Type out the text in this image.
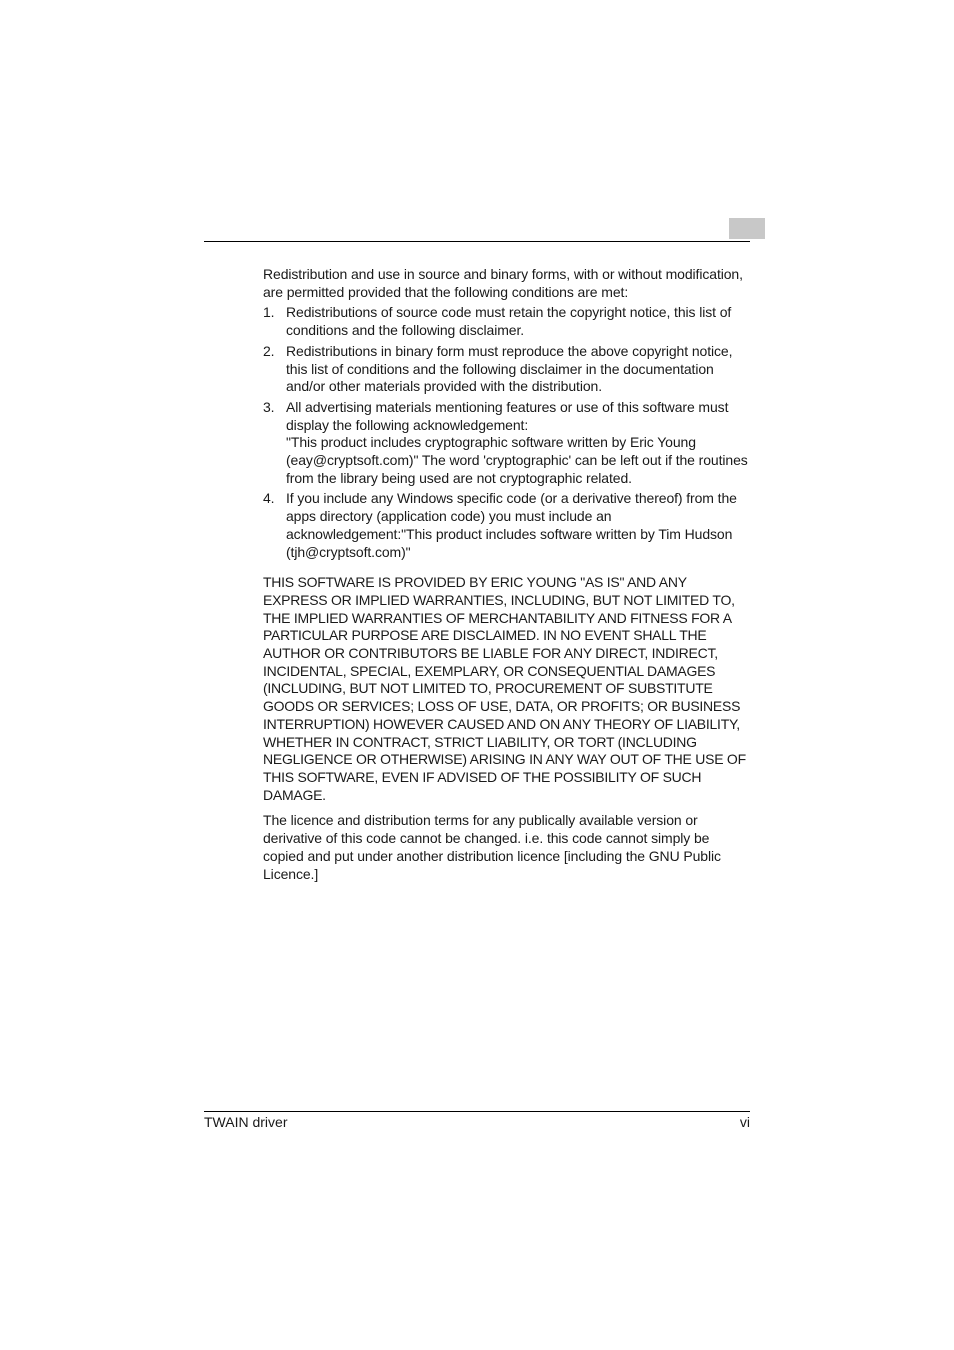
Redistribution and use in source and binary forms, with or without modification, are permitted provided that the following conditions are met:

1. Redistributions of source code must retain the copyright notice, this list of conditions and the following disclaimer.
2. Redistributions in binary form must reproduce the above copyright notice, this list of conditions and the following disclaimer in the documentation and/or other materials provided with the distribution.
3. All advertising materials mentioning features or use of this software must display the following acknowledgement:
"This product includes cryptographic software written by Eric Young (eay@cryptsoft.com)" The word 'cryptographic' can be left out if the routines from the library being used are not cryptographic related.
4. If you include any Windows specific code (or a derivative thereof) from the apps directory (application code) you must include an acknowledgement:"This product includes software written by Tim Hudson (tjh@cryptsoft.com)"

THIS SOFTWARE IS PROVIDED BY ERIC YOUNG "AS IS" AND ANY EXPRESS OR IMPLIED WARRANTIES, INCLUDING, BUT NOT LIMITED TO, THE IMPLIED WARRANTIES OF MERCHANTABILITY AND FITNESS FOR A PARTICULAR PURPOSE ARE DISCLAIMED. IN NO EVENT SHALL THE AUTHOR OR CONTRIBUTORS BE LIABLE FOR ANY DIRECT, INDIRECT, INCIDENTAL, SPECIAL, EXEMPLARY, OR CONSEQUENTIAL DAMAGES (INCLUDING, BUT NOT LIMITED TO, PROCUREMENT OF SUBSTITUTE GOODS OR SERVICES; LOSS OF USE, DATA, OR PROFITS; OR BUSINESS INTERRUPTION) HOWEVER CAUSED AND ON ANY THEORY OF LIABILITY, WHETHER IN CONTRACT, STRICT LIABILITY, OR TORT (INCLUDING NEGLIGENCE OR OTHERWISE) ARISING IN ANY WAY OUT OF THE USE OF THIS SOFTWARE, EVEN IF ADVISED OF THE POSSIBILITY OF SUCH DAMAGE.

The licence and distribution terms for any publically available version or derivative of this code cannot be changed. i.e. this code cannot simply be copied and put under another distribution licence [including the GNU Public Licence.]

TWAIN driver	vi
